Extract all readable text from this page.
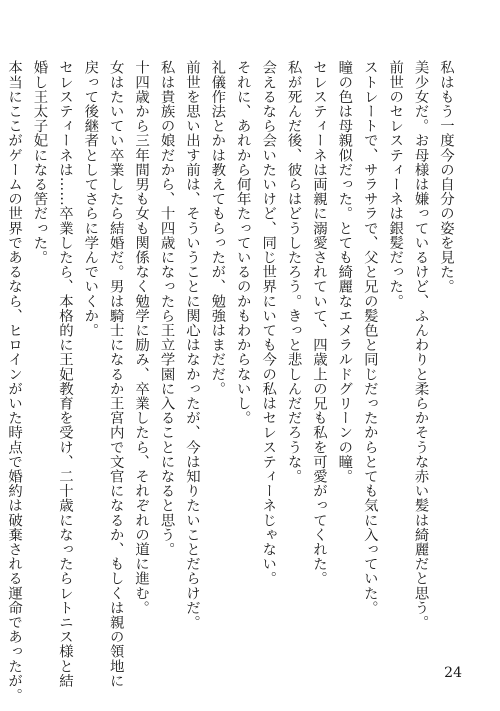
私はもう一度今の自分の姿を見た。
美少女だ。お母様は嫌っているけど、ふんわりと柔らかそうな赤い髪は綺麗だと思う。
前世のセレスティーネは銀髪だった。
ストレートで、サラサラで、父と兄の髪色と同じだったからとても気に入っていた。
瞳の色は母親似だった。とても綺麗なエメラルドグリーンの瞳。
セレスティーネは両親に溺愛されていて、四歳上の兄も私を可愛がってくれた。
私が死んだ後、彼らはどうしたろう。きっと悲しんだだろうな。
会えるなら会いたいけど、同じ世界にいても今の私はセレスティーネじゃない。
それに、あれから何年たっているのかもわからないし。
礼儀作法とかは教えてもらったが、勉強はまだだ。
前世を思い出す前は、そういうことに関心はなかったが、今は知りたいことだらけだ。
私は貴族の娘だから、十四歳になったら王立学園に入ることになると思う。
十四歳から三年間男も女も関係なく勉学に励み、卒業したら、それぞれの道に進む。
女はたいてい卒業したら結婚だ。男は騎士になるか王宮内で文官になるか、もしくは親の領地に
戻って後継者としてさらに学んでいくか。
セレスティーネは……卒業したら、本格的に王妃教育を受け、二十歳になったらレトニス様と結
婚し王太子妃になる筈だった。
本当にここがゲームの世界であるなら、ヒロインがいた時点で婚約は破棄される運命であったが。	24
